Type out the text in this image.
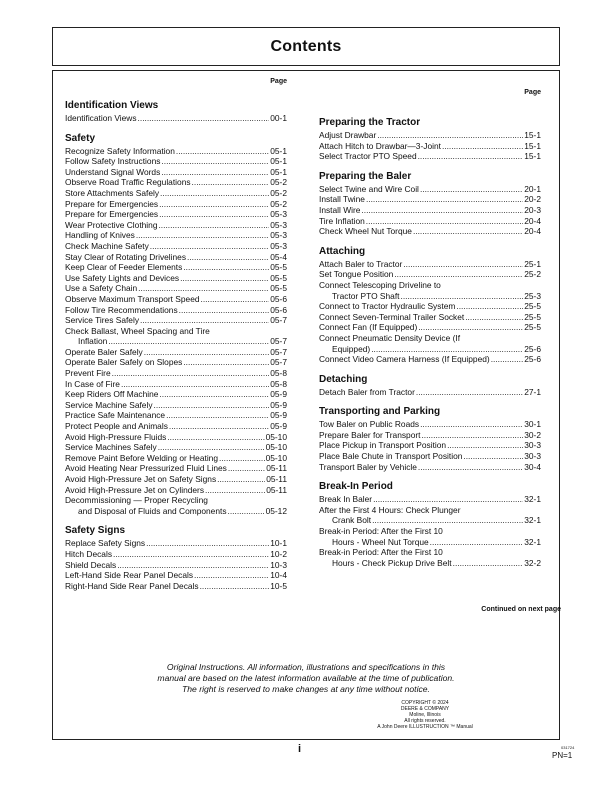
Contents
Page
Identification Views
Identification Views .....	00-1
Safety
Recognize Safety Information .....	05-1
Follow Safety Instructions .....	05-1
Understand Signal Words .....	05-1
Observe Road Traffic Regulations .....	05-2
Store Attachments Safely .....	05-2
Prepare for Emergencies .....	05-2
Prepare for Emergencies .....	05-3
Wear Protective Clothing .....	05-3
Handling of Knives .....	05-3
Check Machine Safety .....	05-3
Stay Clear of Rotating Drivelines .....	05-4
Keep Clear of Feeder Elements .....	05-5
Use Safety Lights and Devices .....	05-5
Use a Safety Chain .....	05-5
Observe Maximum Transport Speed .....	05-6
Follow Tire Recommendations .....	05-6
Service Tires Safely .....	05-7
Check Ballast, Wheel Spacing and Tire
Inflation .....	05-7
Operate Baler Safely .....	05-7
Operate Baler Safely on Slopes .....	05-7
Prevent Fire .....	05-8
In Case of Fire .....	05-8
Keep Riders Off Machine .....	05-9
Service Machine Safely .....	05-9
Practice Safe Maintenance .....	05-9
Protect People and Animals .....	05-9
Avoid High-Pressure Fluids .....	05-10
Service Machines Safely .....	05-10
Remove Paint Before Welding or Heating .....	05-10
Avoid Heating Near Pressurized Fluid Lines .....	05-11
Avoid High-Pressure Jet on Safety Signs .....	05-11
Avoid High-Pressure Jet on Cylinders .....	05-11
Decommissioning — Proper Recycling
and Disposal of Fluids and Components .....	05-12
Safety Signs
Replace Safety Signs .....	10-1
Hitch Decals .....	10-2
Shield Decals .....	10-3
Left-Hand Side Rear Panel Decals .....	10-4
Right-Hand Side Rear Panel Decals .....	10-5
Page
Preparing the Tractor
Adjust Drawbar .....	15-1
Attach Hitch to Drawbar—3-Joint .....	15-1
Select Tractor PTO Speed .....	15-1
Preparing the Baler
Select Twine and Wire Coil .....	20-1
Install Twine .....	20-2
Install Wire .....	20-3
Tire Inflation .....	20-4
Check Wheel Nut Torque .....	20-4
Attaching
Attach Baler to Tractor .....	25-1
Set Tongue Position .....	25-2
Connect Telescoping Driveline to
Tractor PTO Shaft .....	25-3
Connect to Tractor Hydraulic System .....	25-5
Connect Seven-Terminal Trailer Socket .....	25-5
Connect Fan (If Equipped) .....	25-5
Connect Pneumatic Density Device (If
Equipped) .....	25-6
Connect Video Camera Harness (If Equipped) .....	25-6
Detaching
Detach Baler from Tractor .....	27-1
Transporting and Parking
Tow Baler on Public Roads .....	30-1
Prepare Baler for Transport .....	30-2
Place Pickup in Transport Position .....	30-3
Place Bale Chute in Transport Position .....	30-3
Transport Baler by Vehicle .....	30-4
Break-In Period
Break In Baler .....	32-1
After the First 4 Hours: Check Plunger
Crank Bolt .....	32-1
Break-in Period: After the First 10
Hours - Wheel Nut Torque .....	32-1
Break-in Period: After the First 10
Hours - Check Pickup Drive Belt .....	32-2
Continued on next page
Original Instructions. All information, illustrations and specifications in this
manual are based on the latest information available at the time of publication.
The right is reserved to make changes at any time without notice.
COPYRIGHT © 2024
DEERE & COMPANY
Moline, Illinois
All rights reserved.
A John Deere ILLUSTRUCTION ™ Manual
i	031724
PN=1
